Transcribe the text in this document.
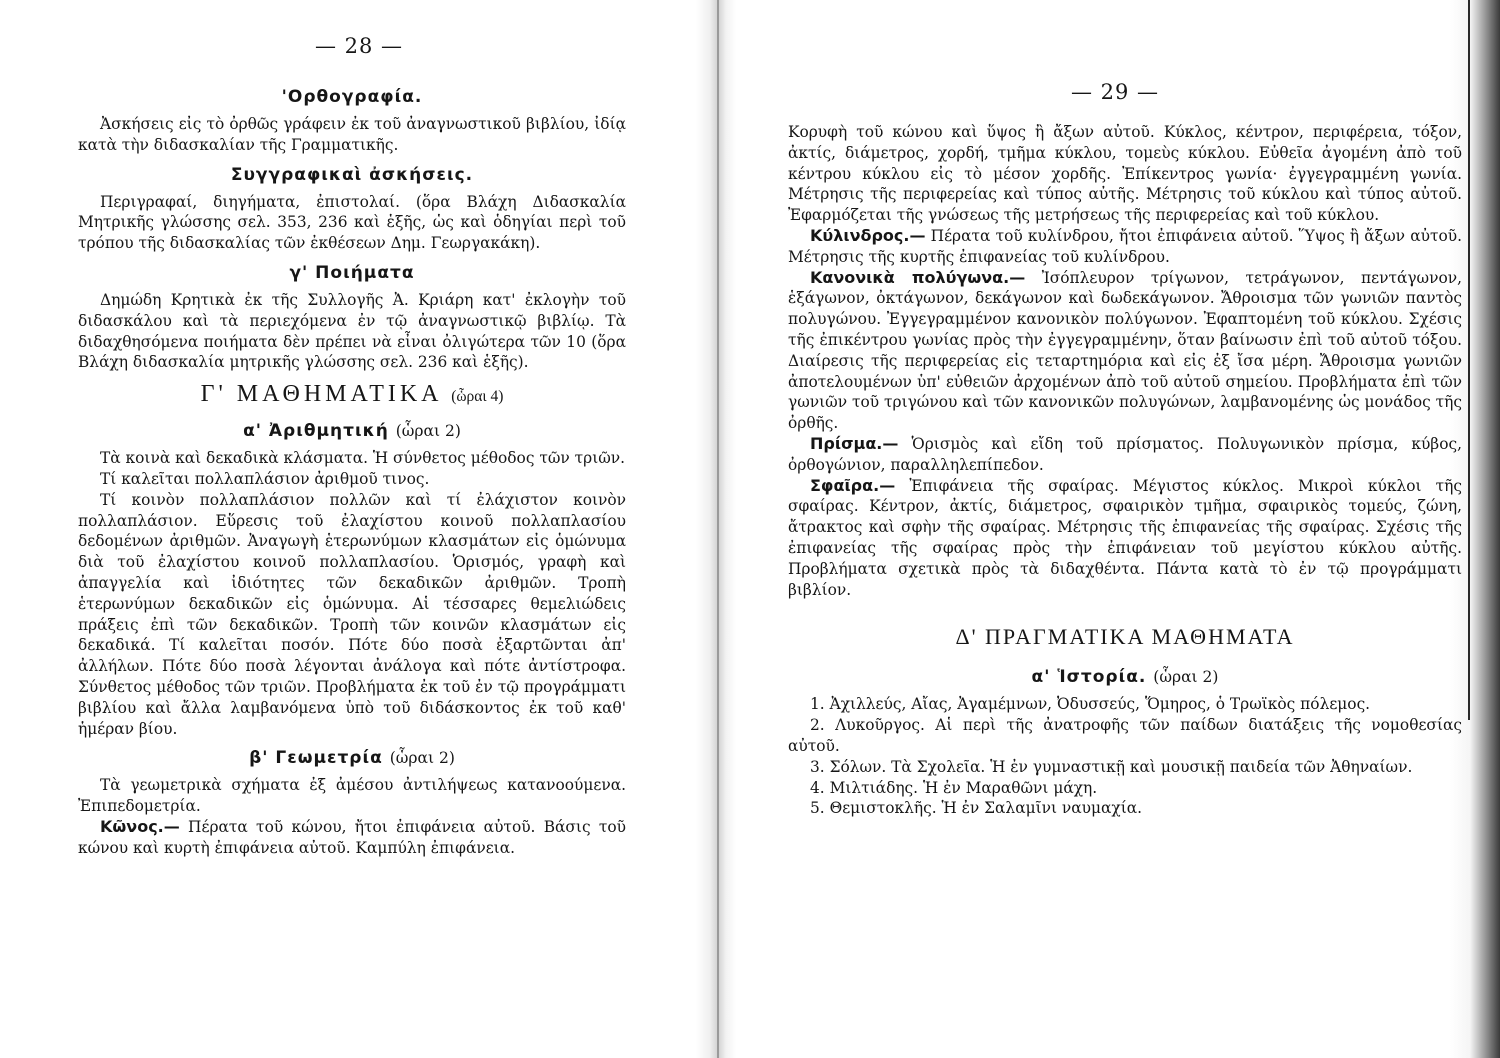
— 28 —
'Ορθογραφία.

Ἀσκήσεις εἰς τὸ ὀρθῶς γράφειν ἐκ τοῦ ἀναγνωστικοῦ βιβλίου, ἰδίᾳ κατὰ τὴν διδασκαλίαν τῆς Γραμματικῆς.

Συγγραφικαὶ ἀσκήσεις.

Περιγραφαί, διηγήματα, ἐπιστολαί. (ὅρα Βλάχη Διδασκαλία Μητρικῆς γλώσσης σελ. 353, 236 καὶ ἑξῆς, ὡς καὶ ὁδηγίαι περὶ τοῦ τρόπου τῆς διδασκαλίας τῶν ἐκθέσεων Δημ. Γεωργακάκη).

γ' Ποιήματα

Δημώδη Κρητικὰ ἐκ τῆς Συλλογῆς Ἀ. Κριάρη κατ' ἐκλογὴν τοῦ διδασκάλου καὶ τὰ περιεχόμενα ἐν τῷ ἀναγνωστικῷ βιβλίῳ. Τὰ διδαχθησόμενα ποιήματα δὲν πρέπει νὰ εἶναι ὀλιγώτερα τῶν 10 (ὅρα Βλάχη διδασκαλία μητρικῆς γλώσσης σελ. 236 καὶ ἑξῆς).

Γ' ΜΑΘΗΜΑΤΙΚΑ (ὧραι 4)
α' Ἀριθμητική (ὧραι 2)

Τὰ κοινὰ καὶ δεκαδικὰ κλάσματα. Ἡ σύνθετος μέθοδος τῶν τριῶν.

Τί καλεῖται πολλαπλάσιον ἀριθμοῦ τινος.

Τί κοινὸν πολλαπλάσιον πολλῶν καὶ τί ἐλάχιστον κοινὸν πολλαπλάσιον. Εὕρεσις τοῦ ἐλαχίστου κοινοῦ πολλαπλασίου δεδομένων ἀριθμῶν. Ἀναγωγὴ ἑτερωνύμων κλασμάτων εἰς ὁμώνυμα διὰ τοῦ ἐλαχίστου κοινοῦ πολλαπλασίου. Ὁρισμός, γραφὴ καὶ ἀπαγγελία καὶ ἰδιότητες τῶν δεκαδικῶν ἀριθμῶν. Τροπὴ ἑτερωνύμων δεκαδικῶν εἰς ὁμώνυμα. Αἱ τέσσαρες θεμελιώδεις πράξεις ἐπὶ τῶν δεκαδικῶν. Τροπὴ τῶν κοινῶν κλασμάτων εἰς δεκαδικά. Τί καλεῖται ποσόν. Πότε δύο ποσὰ ἐξαρτῶνται ἀπ' ἀλλήλων. Πότε δύο ποσὰ λέγονται ἀνάλογα καὶ πότε ἀντίστροφα. Σύνθετος μέθοδος τῶν τριῶν. Προβλήματα ἐκ τοῦ ἐν τῷ προγράμματι βιβλίου καὶ ἄλλα λαμβανόμενα ὑπὸ τοῦ διδάσκοντος ἐκ τοῦ καθ' ἡμέραν βίου.

β' Γεωμετρία (ὧραι 2)

Τὰ γεωμετρικὰ σχήματα ἐξ ἀμέσου ἀντιλήψεως κατανοούμενα. Ἐπιπεδομετρία.

Κῶνος.— Πέρατα τοῦ κώνου, ἤτοι ἐπιφάνεια αὐτοῦ. Βάσις τοῦ κώνου καὶ κυρτὴ ἐπιφάνεια αὐτοῦ. Καμπύλη ἐπιφάνεια.

— 29 —

Κορυφὴ τοῦ κώνου καὶ ὕψος ἢ ἄξων αὐτοῦ. Κύκλος, κέντρον, περιφέρεια, τόξον, ἀκτίς, διάμετρος, χορδή, τμῆμα κύκλου, τομεὺς κύκλου. Εὐθεῖα ἀγομένη ἀπὸ τοῦ κέντρου κύκλου εἰς τὸ μέσον χορδῆς. Ἐπίκεντρος γωνία· ἐγγεγραμμένη γωνία. Μέτρησις τῆς περιφερείας καὶ τύπος αὐτῆς. Μέτρησις τοῦ κύκλου καὶ τύπος αὐτοῦ. Ἐφαρμόζεται τῆς γνώσεως τῆς μετρήσεως τῆς περιφερείας καὶ τοῦ κύκλου.

Κύλινδρος.— Πέρατα τοῦ κυλίνδρου, ἤτοι ἐπιφάνεια αὐτοῦ. Ὕψος ἢ ἄξων αὐτοῦ. Μέτρησις τῆς κυρτῆς ἐπιφανείας τοῦ κυλίνδρου.

Κανονικὰ πολύγωνα.— Ἰσόπλευρον τρίγωνον, τετράγωνον, πεντάγωνον, ἑξάγωνον, ὀκτάγωνον, δεκάγωνον καὶ δωδεκάγωνον. Ἄθροισμα τῶν γωνιῶν παντὸς πολυγώνου. Ἐγγεγραμμένον κανονικὸν πολύγωνον. Ἐφαπτομένη τοῦ κύκλου. Σχέσις τῆς ἐπικέντρου γωνίας πρὸς τὴν ἐγγεγραμμένην, ὅταν βαίνωσιν ἐπὶ τοῦ αὐτοῦ τόξου. Διαίρεσις τῆς περιφερείας εἰς τεταρτημόρια καὶ εἰς ἐξ ἴσα μέρη. Ἄθροισμα γωνιῶν ἀποτελουμένων ὑπ' εὐθειῶν ἀρχομένων ἀπὸ τοῦ αὐτοῦ σημείου. Προβλήματα ἐπὶ τῶν γωνιῶν τοῦ τριγώνου καὶ τῶν κανονικῶν πολυγώνων, λαμβανομένης ὡς μονάδος τῆς ὀρθῆς.

Πρίσμα.— Ὁρισμὸς καὶ εἴδη τοῦ πρίσματος. Πολυγωνικὸν πρίσμα, κύβος, ὀρθογώνιον, παραλληλεπίπεδον.

Σφαῖρα.— Ἐπιφάνεια τῆς σφαίρας. Μέγιστος κύκλος. Μικροὶ κύκλοι τῆς σφαίρας. Κέντρον, ἀκτίς, διάμετρος, σφαιρικὸν τμῆμα, σφαιρικὸς τομεύς, ζώνη, ἄτρακτος καὶ σφὴν τῆς σφαίρας. Μέτρησις τῆς ἐπιφανείας τῆς σφαίρας. Σχέσις τῆς ἐπιφανείας τῆς σφαίρας πρὸς τὴν ἐπιφάνειαν τοῦ μεγίστου κύκλου αὐτῆς. Προβλήματα σχετικὰ πρὸς τὰ διδαχθέντα. Πάντα κατὰ τὸ ἐν τῷ προγράμματι βιβλίον.

Δ' ΠΡΑΓΜΑΤΙΚΑ ΜΑΘΗΜΑΤΑ
α' Ἱστορία. (ὧραι 2)

1. Ἀχιλλεύς, Αἴας, Ἀγαμέμνων, Ὀδυσσεύς, Ὅμηρος, ὁ Τρωϊκὸς πόλεμος.

2. Λυκοῦργος. Αἱ περὶ τῆς ἀνατροφῆς τῶν παίδων διατάξεις τῆς νομοθεσίας αὐτοῦ.

3. Σόλων. Τὰ Σχολεῖα. Ἡ ἐν γυμναστικῇ καὶ μουσικῇ παιδεία τῶν Ἀθηναίων.

4. Μιλτιάδης. Ἡ ἐν Μαραθῶνι μάχη.

5. Θεμιστοκλῆς. Ἡ ἐν Σαλαμῖνι ναυμαχία.
